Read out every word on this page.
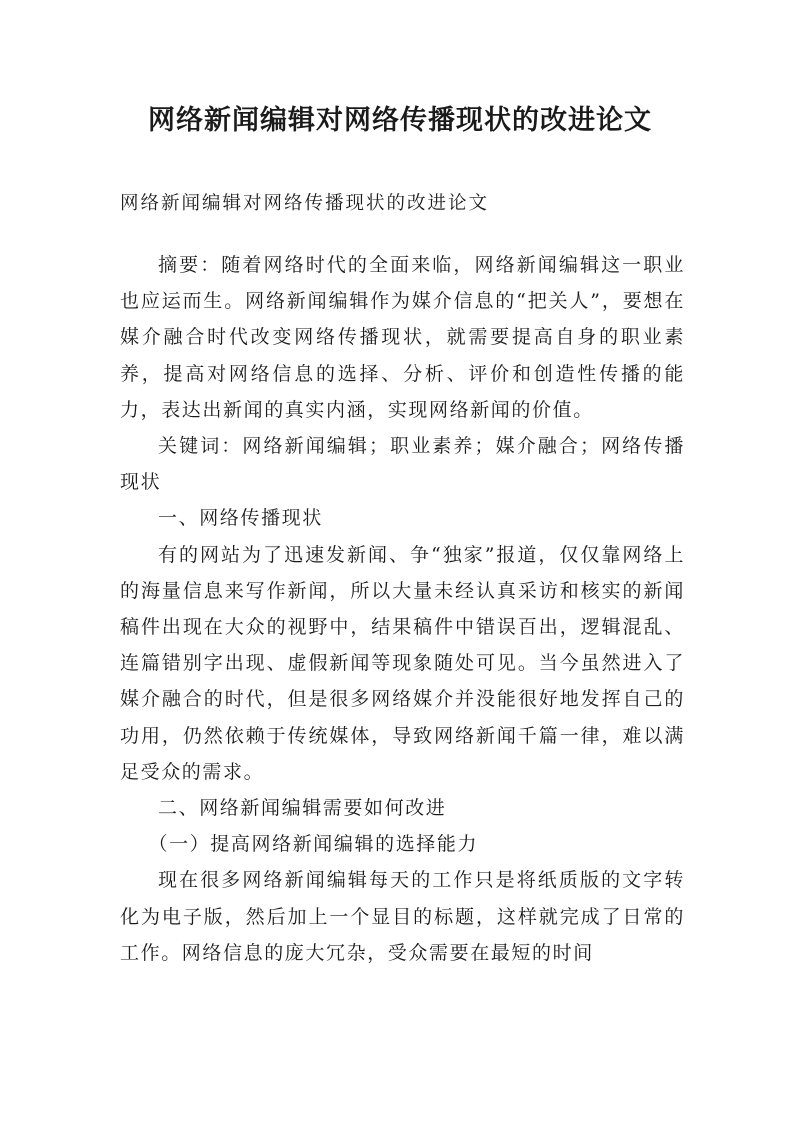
网络新闻编辑对网络传播现状的改进论文

网络新闻编辑对网络传播现状的改进论文

摘要：随着网络时代的全面来临，网络新闻编辑这一职业也应运而生。网络新闻编辑作为媒介信息的“把关人”，要想在媒介融合时代改变网络传播现状，就需要提高自身的职业素养，提高对网络信息的选择、分析、评价和创造性传播的能力，表达出新闻的真实内涵，实现网络新闻的价值。

关键词：网络新闻编辑；职业素养；媒介融合；网络传播现状

一、网络传播现状

有的网站为了迅速发新闻、争“独家”报道，仅仅靠网络上的海量信息来写作新闻，所以大量未经认真采访和核实的新闻稿件出现在大众的视野中，结果稿件中错误百出，逻辑混乱、连篇错别字出现、虚假新闻等现象随处可见。当今虽然进入了媒介融合的时代，但是很多网络媒介并没能很好地发挥自己的功用，仍然依赖于传统媒体，导致网络新闻千篇一律，难以满足受众的需求。

二、网络新闻编辑需要如何改进

（一）提高网络新闻编辑的选择能力

现在很多网络新闻编辑每天的工作只是将纸质版的文字转化为电子版，然后加上一个显目的标题，这样就完成了日常的工作。网络信息的庞大冗杂，受众需要在最短的时间
